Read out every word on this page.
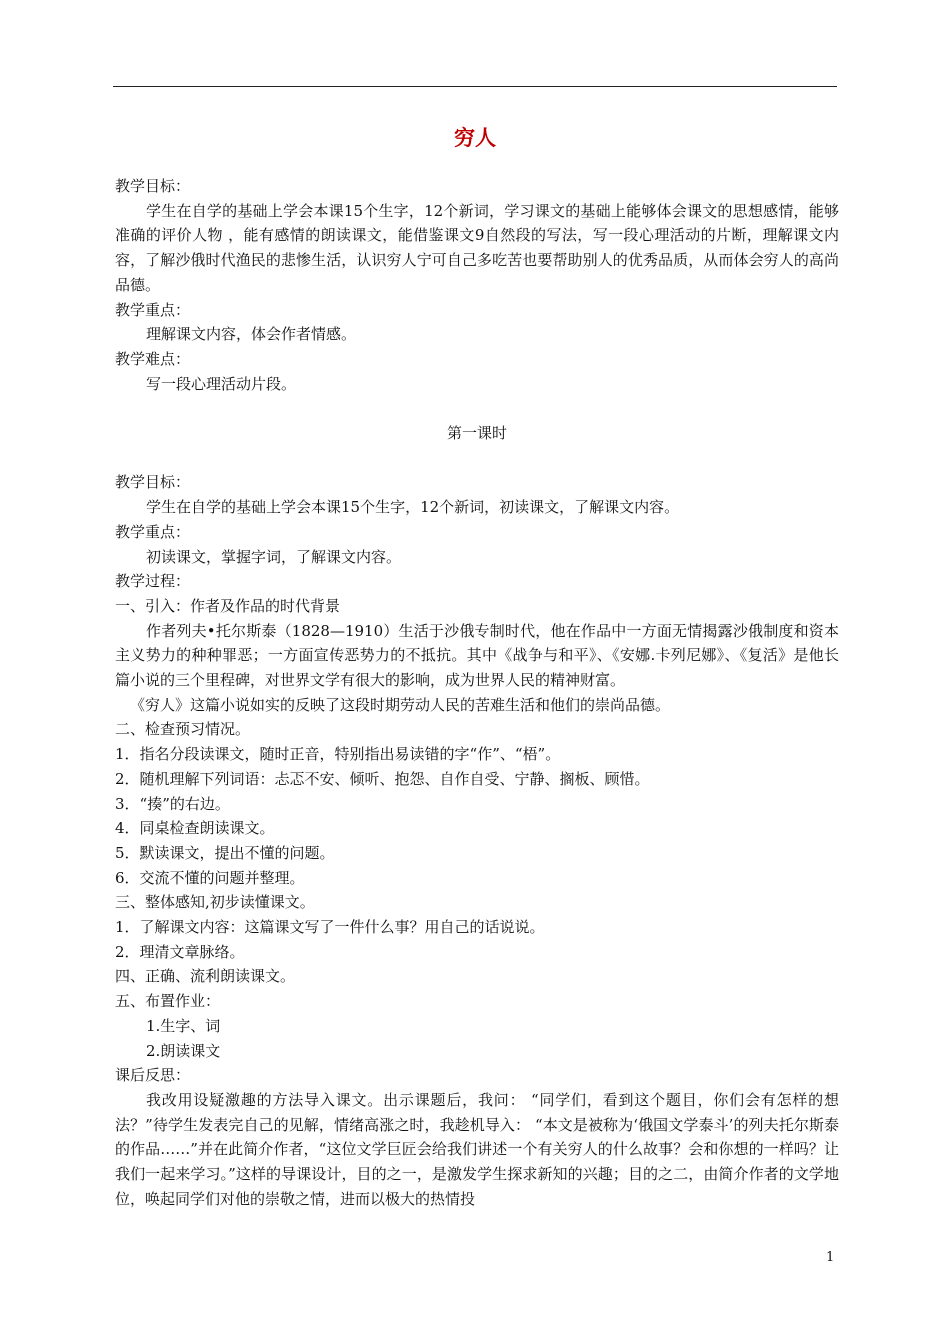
穷人

教学目标：

学生在自学的基础上学会本课15个生字，12个新词，学习课文的基础上能够体会课文的思想感情，能够准确的评价人物 ，能有感情的朗读课文，能借鉴课文9自然段的写法，写一段心理活动的片断，理解课文内容，了解沙俄时代渔民的悲惨生活，认识穷人宁可自己多吃苦也要帮助别人的优秀品质，从而体会穷人的高尚品德。

教学重点：

理解课文内容，体会作者情感。

教学难点：

写一段心理活动片段。

第一课时

教学目标：

学生在自学的基础上学会本课15个生字，12个新词，初读课文，了解课文内容。

教学重点：

初读课文，掌握字词，了解课文内容。

教学过程：

一、引入：作者及作品的时代背景

作者列夫•托尔斯泰（1828—1910）生活于沙俄专制时代，他在作品中一方面无情揭露沙俄制度和资本主义势力的种种罪恶；一方面宣传恶势力的不抵抗。其中《战争与和平》、《安娜.卡列尼娜》、《复活》是他长篇小说的三个里程碑，对世界文学有很大的影响，成为世界人民的精神财富。

《穷人》这篇小说如实的反映了这段时期劳动人民的苦难生活和他们的崇尚品德。

二、检查预习情况。

1．指名分段读课文，随时正音，特别指出易读错的字“作”、“梧”。

2．随机理解下列词语：忐忑不安、倾听、抱怨、自作自受、宁静、搁板、顾惜。

3．“揍”的右边。

4．同桌检查朗读课文。

5．默读课文，提出不懂的问题。

6．交流不懂的问题并整理。

三、整体感知,初步读懂课文。

1．了解课文内容：这篇课文写了一件什么事？用自己的话说说。

2．理清文章脉络。

四、正确、流利朗读课文。

五、布置作业：

1.生字、词

2.朗读课文

课后反思：

我改用设疑激趣的方法导入课文。出示课题后，我问： “同学们，看到这个题目，你们会有怎样的想法？”待学生发表完自己的见解，情绪高涨之时，我趁机导入： “本文是被称为‘俄国文学泰斗’的列夫托尔斯泰的作品……”并在此简介作者，“这位文学巨匠会给我们讲述一个有关穷人的什么故事？会和你想的一样吗？让我们一起来学习。”这样的导课设计，目的之一，是激发学生探求新知的兴趣；目的之二，由简介作者的文学地位，唤起同学们对他的崇敬之情，进而以极大的热情投

1
